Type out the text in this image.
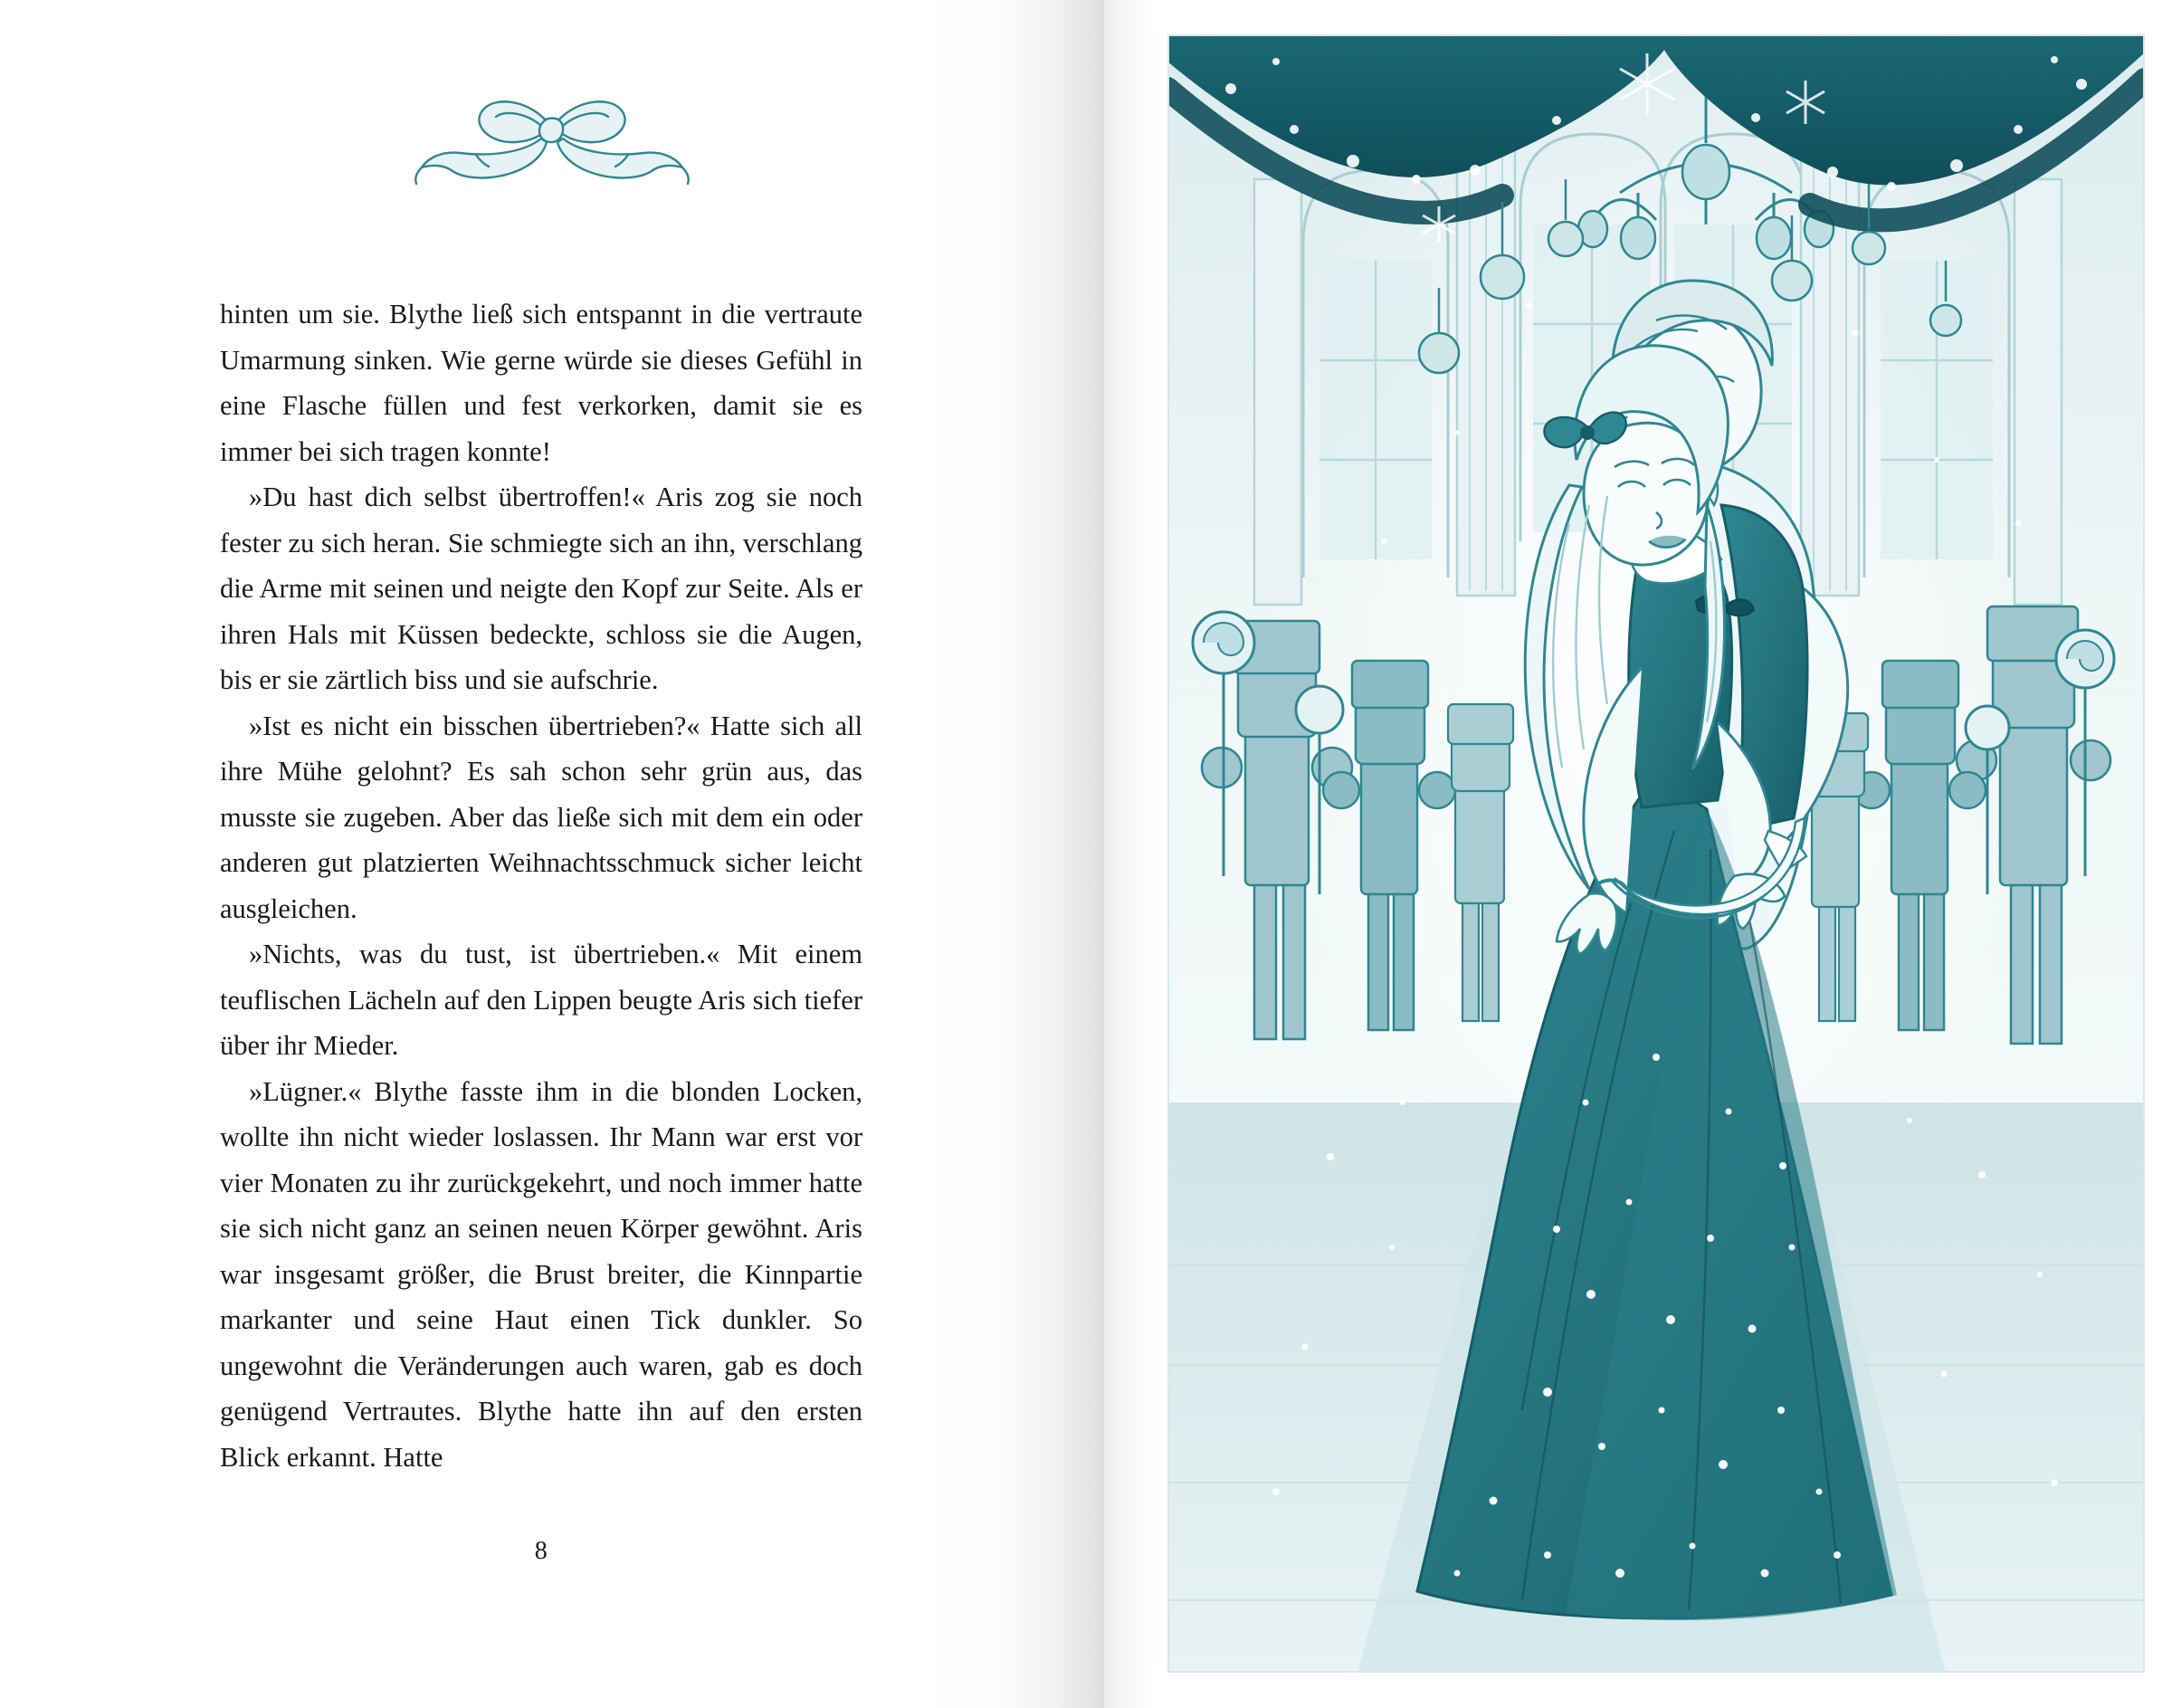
hinten um sie. Blythe ließ sich entspannt in die vertraute Umarmung sinken. Wie gerne würde sie dieses Gefühl in eine Flasche füllen und fest verkorken, damit sie es immer bei sich tragen konnte!

»Du hast dich selbst übertroffen!« Aris zog sie noch fester zu sich heran. Sie schmiegte sich an ihn, verschlang die Arme mit seinen und neigte den Kopf zur Seite. Als er ihren Hals mit Küssen bedeckte, schloss sie die Augen, bis er sie zärtlich biss und sie aufschrie.

»Ist es nicht ein bisschen übertrieben?« Hatte sich all ihre Mühe gelohnt? Es sah schon sehr grün aus, das musste sie zugeben. Aber das ließe sich mit dem ein oder anderen gut platzierten Weihnachtsschmuck sicher leicht ausgleichen.

»Nichts, was du tust, ist übertrieben.« Mit einem teuflischen Lächeln auf den Lippen beugte Aris sich tiefer über ihr Mieder.

»Lügner.« Blythe fasste ihm in die blonden Locken, wollte ihn nicht wieder loslassen. Ihr Mann war erst vor vier Monaten zu ihr zurückgekehrt, und noch immer hatte sie sich nicht ganz an seinen neuen Körper gewöhnt. Aris war insgesamt größer, die Brust breiter, die Kinnpartie markanter und seine Haut einen Tick dunkler. So ungewohnt die Veränderungen auch waren, gab es doch genügend Vertrautes. Blythe hatte ihn auf den ersten Blick erkannt. Hatte

8
